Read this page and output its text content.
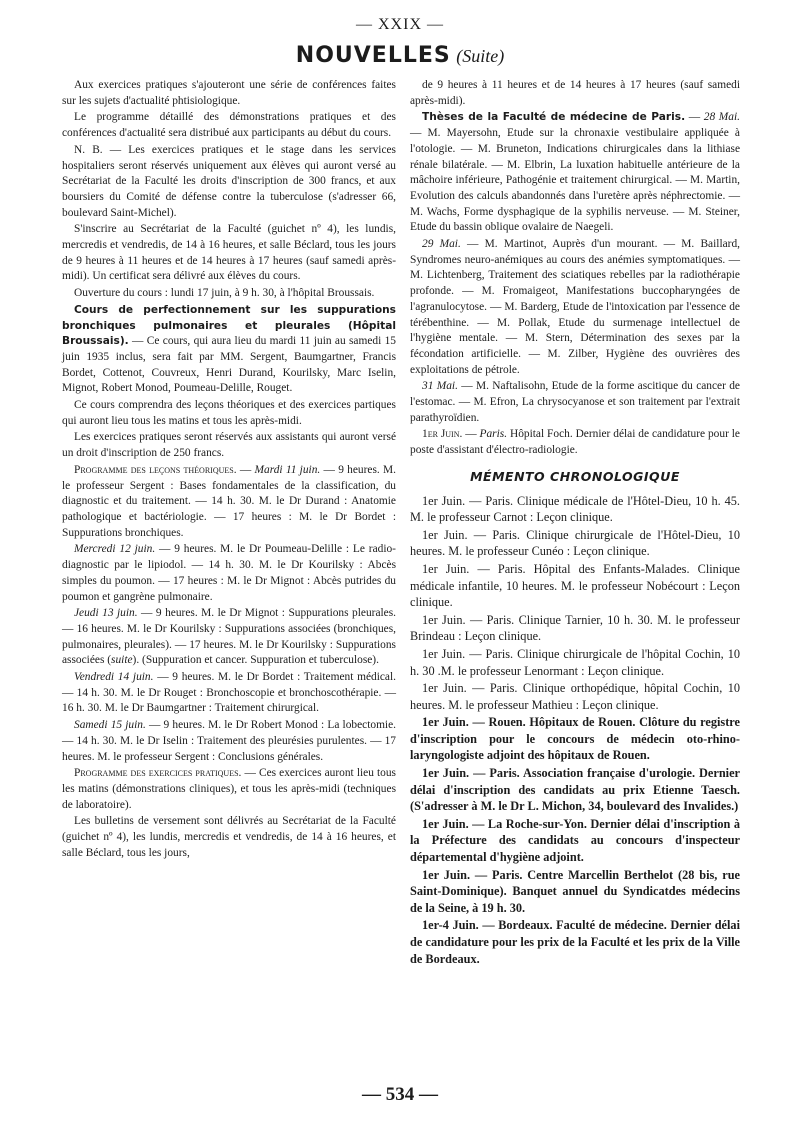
— XXIX —
NOUVELLES (Suite)

Aux exercices pratiques s'ajouteront une série de conférences faites sur les sujets d'actualité phtisiologique.

Le programme détaillé des démonstrations pratiques et des conférences d'actualité sera distribué aux participants au début du cours.

N. B. — Les exercices pratiques et le stage dans les services hospitaliers seront réservés uniquement aux élèves qui auront versé au Secrétariat de la Faculté les droits d'inscription de 300 francs, et aux boursiers du Comité de défense contre la tuberculose (s'adresser 66, boulevard Saint-Michel).

S'inscrire au Secrétariat de la Faculté (guichet nº 4), les lundis, mercredis et vendredis, de 14 à 16 heures, et salle Béclard, tous les jours de 9 heures à 11 heures et de 14 heures à 17 heures (sauf samedi après-midi). Un certificat sera délivré aux élèves du cours.

Ouverture du cours : lundi 17 juin, à 9 h. 30, à l'hôpital Broussais.

Cours de perfectionnement sur les suppurations bronchiques pulmonaires et pleurales (Hôpital Broussais). — Ce cours, qui aura lieu du mardi 11 juin au samedi 15 juin 1935 inclus, sera fait par MM. Sergent, Baumgartner, Francis Bordet, Cottenot, Couvreux, Henri Durand, Kourilsky, Marc Iselin, Mignot, Robert Monod, Poumeau-Delille, Rouget.

Ce cours comprendra des leçons théoriques et des exercices partiques qui auront lieu tous les matins et tous les après-midi.

Les exercices pratiques seront réservés aux assistants qui auront versé un droit d'inscription de 250 francs.

Programme des leçons théoriques. — Mardi 11 juin. — 9 heures. M. le professeur Sergent : Bases fondamentales de la classification, du diagnostic et du traitement. — 14 h. 30. M. le Dr Durand : Anatomie pathologique et bactériologie. — 17 heures : M. le Dr Bordet : Suppurations bronchiques.

Mercredi 12 juin. — 9 heures. M. le Dr Poumeau-Delille : Le radio-diagnostic par le lipiodol. — 14 h. 30. M. le Dr Kourilsky : Abcès simples du poumon. — 17 heures : M. le Dr Mignot : Abcès putrides du poumon et gangrène pulmonaire.

Jeudi 13 juin. — 9 heures. M. le Dr Mignot : Suppurations pleurales. — 16 heures. M. le Dr Kourilsky : Suppurations associées (bronchiques, pulmonaires, pleurales). — 17 heures. M. le Dr Kourilsky : Suppurations associées (suite). (Suppuration et cancer. Suppuration et tuberculose).

Vendredi 14 juin. — 9 heures. M. le Dr Bordet : Traitement médical. — 14 h. 30. M. le Dr Rouget : Bronchoscopie et bronchoscothérapie. — 16 h. 30. M. le Dr Baumgartner : Traitement chirurgical.

Samedi 15 juin. — 9 heures. M. le Dr Robert Monod : La lobectomie. — 14 h. 30. M. le Dr Iselin : Traitement des pleurésies purulentes. — 17 heures. M. le professeur Sergent : Conclusions générales.

Programme des exercices pratiques. — Ces exercices auront lieu tous les matins (démonstrations cliniques), et tous les après-midi (techniques de laboratoire).

Les bulletins de versement sont délivrés au Secrétariat de la Faculté (guichet nº 4), les lundis, mercredis et vendredis, de 14 à 16 heures, et salle Béclard, tous les jours,

de 9 heures à 11 heures et de 14 heures à 17 heures (sauf samedi après-midi).

Thèses de la Faculté de médecine de Paris. — 28 Mai. — M. Mayersohn, Etude sur la chronaxie vestibulaire appliquée à l'otologie. — M. Bruneton, Indications chirurgicales dans la lithiase rénale bilatérale. — M. Elbrin, La luxation habituelle antérieure de la mâchoire inférieure, Pathogénie et traitement chirurgical. — M. Martin, Evolution des calculs abandonnés dans l'uretère après néphrectomie. — M. Wachs, Forme dysphagique de la syphilis nerveuse. — M. Steiner, Etude du bassin oblique ovalaire de Naegeli.

29 Mai. — M. Martinot, Auprès d'un mourant. — M. Baillard, Syndromes neuro-anémiques au cours des anémies symptomatiques. — M. Lichtenberg, Traitement des sciatiques rebelles par la radiothérapie profonde. — M. Fromaigeot, Manifestations buccopharyngées de l'agranulocytose. — M. Barderg, Etude de l'intoxication par l'essence de térébenthine. — M. Pollak, Etude du surmenage intellectuel de l'hygiène mentale. — M. Stern, Détermination des sexes par la fécondation artificielle. — M. Zilber, Hygiène des ouvrières des exploitations de pétrole.

31 Mai. — M. Naftalisohn, Etude de la forme ascitique du cancer de l'estomac. — M. Efron, La chrysocyanose et son traitement par l'extrait parathyroïdien.

1er Juin. — Paris. Hôpital Foch. Dernier délai de candidature pour le poste d'assistant d'électro-radiologie.

MÉMENTO CHRONOLOGIQUE

1er Juin. — Paris. Clinique médicale de l'Hôtel-Dieu, 10 h. 45. M. le professeur Carnot : Leçon clinique.

1er Juin. — Paris. Clinique chirurgicale de l'Hôtel-Dieu, 10 heures. M. le professeur Cunéo : Leçon clinique.

1er Juin. — Paris. Hôpital des Enfants-Malades. Clinique médicale infantile, 10 heures. M. le professeur Nobécourt : Leçon clinique.

1er Juin. — Paris. Clinique Tarnier, 10 h. 30. M. le professeur Brindeau : Leçon clinique.

1er Juin. — Paris. Clinique chirurgicale de l'hôpital Cochin, 10 h. 30 .M. le professeur Lenormant : Leçon clinique.

1er Juin. — Paris. Clinique orthopédique, hôpital Cochin, 10 heures. M. le professeur Mathieu : Leçon clinique.

1er Juin. — Rouen. Hôpitaux de Rouen. Clôture du registre d'inscription pour le concours de médecin oto-rhino-laryngologiste adjoint des hôpitaux de Rouen.

1er Juin. — Paris. Association française d'urologie. Dernier délai d'inscription des candidats au prix Etienne Taesch. (S'adresser à M. le Dr L. Michon, 34, boulevard des Invalides.)

1er Juin. — La Roche-sur-Yon. Dernier délai d'inscription à la Préfecture des candidats au concours d'inspecteur départemental d'hygiène adjoint.

1er Juin. — Paris. Centre Marcellin Berthelot (28 bis, rue Saint-Dominique). Banquet annuel du Syndicatdes médecins de la Seine, à 19 h. 30.

1er-4 Juin. — Bordeaux. Faculté de médecine. Dernier délai de candidature pour les prix de la Faculté et les prix de la Ville de Bordeaux.

— 534 —
